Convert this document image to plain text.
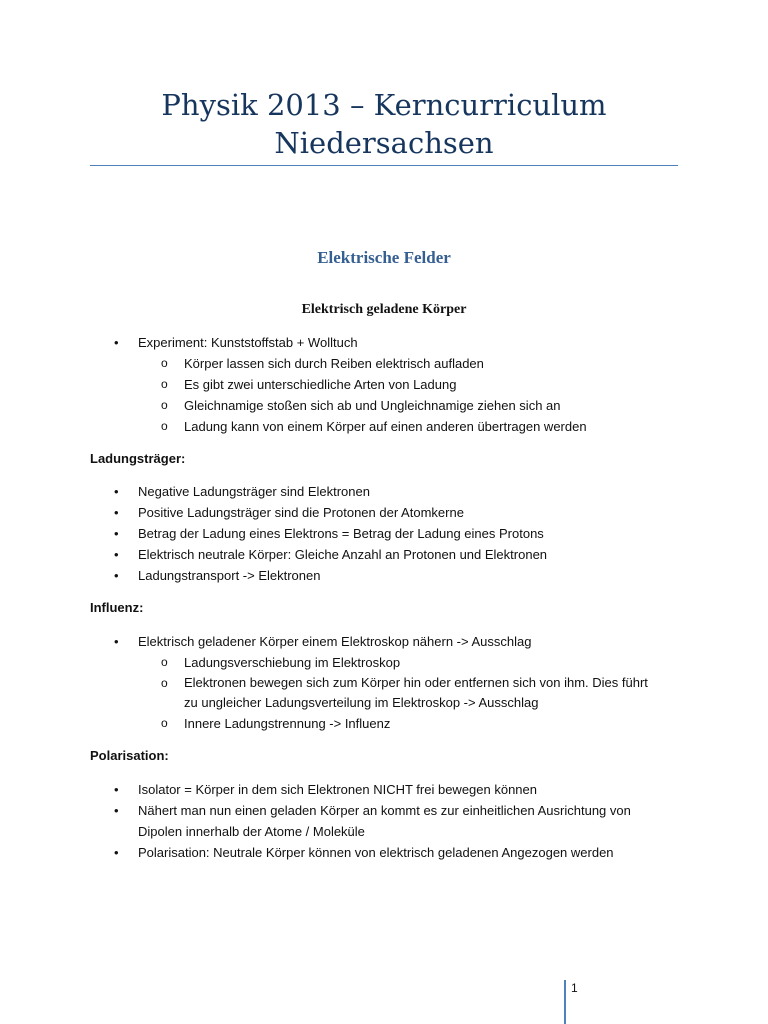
Physik 2013 – Kerncurriculum Niedersachsen
Elektrische Felder
Elektrisch geladene Körper
• Experiment: Kunststoffstab + Wolltuch
o Körper lassen sich durch Reiben elektrisch aufladen
o Es gibt zwei unterschiedliche Arten von Ladung
o Gleichnamige stoßen sich ab und Ungleichnamige ziehen sich an
o Ladung kann von einem Körper auf einen anderen übertragen werden
Ladungsträger:
• Negative Ladungsträger sind Elektronen
• Positive Ladungsträger sind die Protonen der Atomkerne
• Betrag der Ladung eines Elektrons = Betrag der Ladung eines Protons
• Elektrisch neutrale Körper: Gleiche Anzahl an Protonen und Elektronen
• Ladungstransport -> Elektronen
Influenz:
• Elektrisch geladener Körper einem Elektroskop nähern -> Ausschlag
o Ladungsverschiebung im Elektroskop
o Elektronen bewegen sich zum Körper hin oder entfernen sich von ihm. Dies führt zu ungleicher Ladungsverteilung im Elektroskop -> Ausschlag
o Innere Ladungstrennung -> Influenz
Polarisation:
• Isolator = Körper in dem sich Elektronen NICHT frei bewegen können
• Nähert man nun einen geladen Körper an kommt es zur einheitlichen Ausrichtung von Dipolen innerhalb der Atome / Moleküle
• Polarisation: Neutrale Körper können von elektrisch geladenen Angezogen werden
1
